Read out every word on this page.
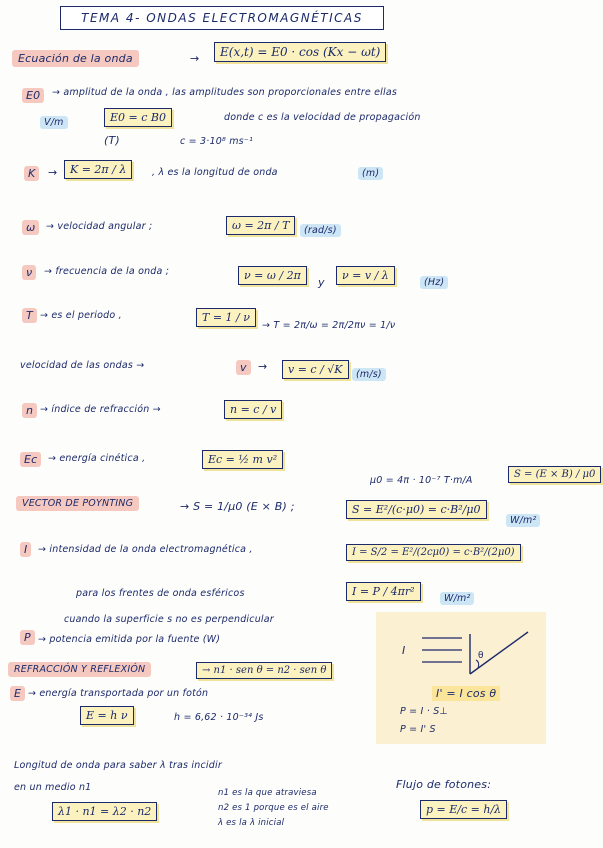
TEMA 4- ONDAS ELECTROMAGNÉTICAS
Ecuación de la onda	→	E(x,t) = E0 · cos (Kx − ωt)
E0	→ amplitud de la onda , las amplitudes son proporcionales entre ellas
V/m	E0 = c B0	donde c es la velocidad de propagación
(T)	c = 3·10⁸ ms⁻¹
K	→	K = 2π / λ	, λ es la longitud de onda	(m)
ω	→ velocidad angular ;	ω = 2π / T	(rad/s)
ν	→ frecuencia de la onda ;	ν = ω / 2π
y
ν = v / λ
(Hz)
T → es el periodo ,	T = 1 / ν
→ T = 2π/ω = 2π/2πν = 1/ν
velocidad de las ondas →	v	→	v = c / √K	(m/s)
n → índice de refracción →	n = c / v
Ec	→ energía cinética ,	Ec = ½ m v²
μ0 = 4π · 10⁻⁷ T·m/A
S = (E × B) / μ0
VECTOR DE POYNTING	→ S = 1/μ0 (E × B) ;	S = E²/(c·μ0) = c·B²/μ0
W/m²
I	→ intensidad de la onda electromagnética ,	I = S/2 = E²/(2cμ0) = c·B²/(2μ0)
para los frentes de onda esféricos	I = P / 4πr²
W/m²
cuando la superficie s no es perpendicular
P → potencia emitida por la fuente (W)
I	θ
I' = I cos θ
P = I · S⊥
P = I' S
REFRACCIÓN Y REFLEXIÓN	→ n1 · sen θ = n2 · sen θ
E → energía transportada por un fotón
E = h ν	h = 6,62 · 10⁻³⁴ Js
Longitud de onda para saber λ tras incidir
en un medio n1
λ1 · n1 = λ2 · n2
n1 es la que atraviesa
n2 es 1 porque es el aire
λ es la λ inicial
Flujo de fotones:
p = E/c = h/λ
